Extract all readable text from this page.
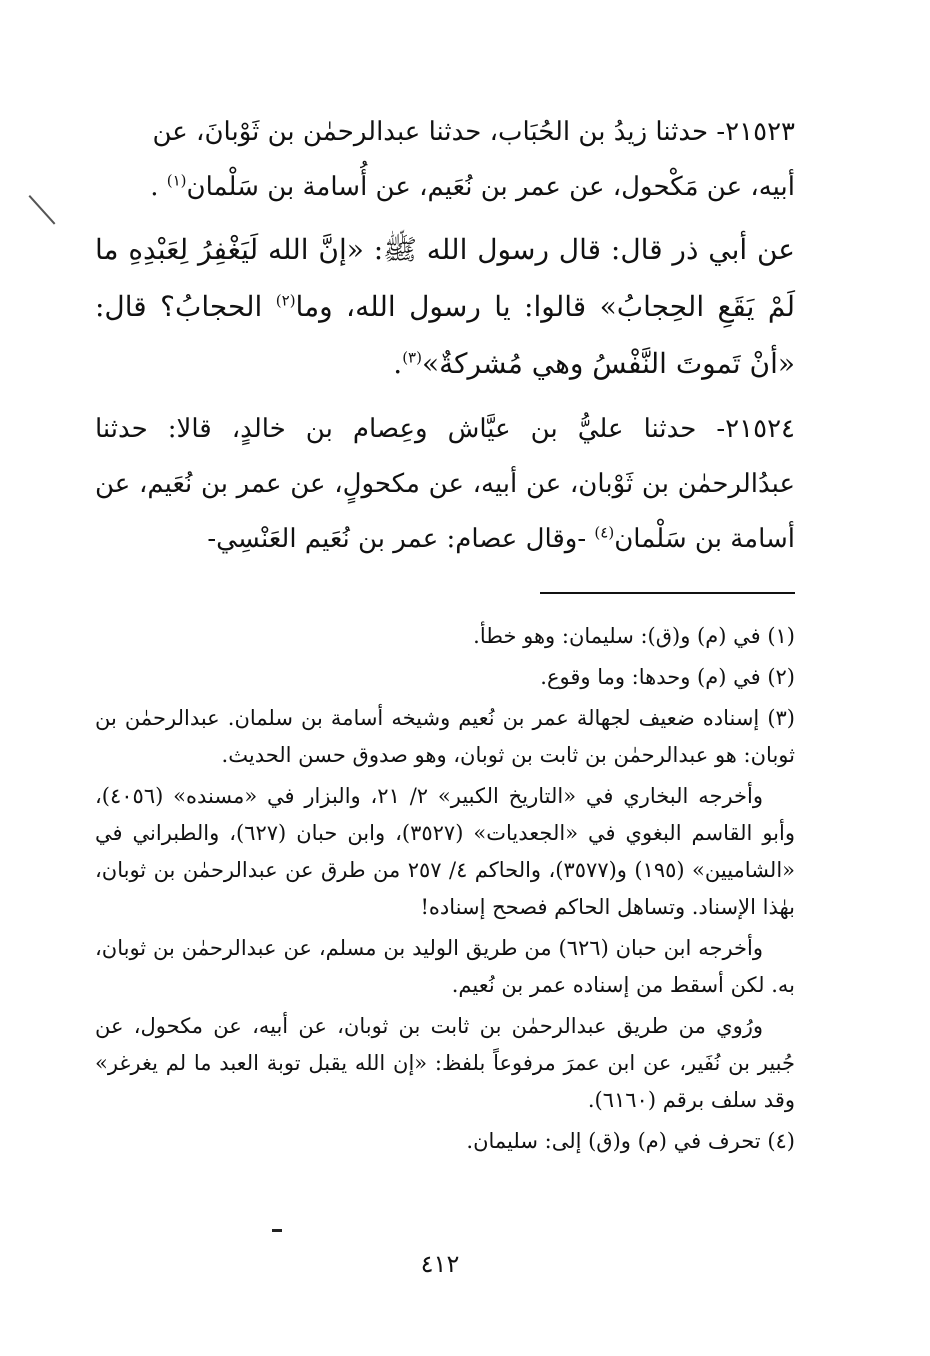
٢١٥٢٣- حدثنا زيدُ بن الحُبَاب، حدثنا عبدالرحمٰن بن ثَوْبانَ، عن
أبيه، عن مَكْحول، عن عمر بن نُعَيم، عن أُسامة بن سَلْمان$^{(١)}$ .

عن أبي ذر قال: قال رسول الله ﷺ: «إنَّ الله لَيَغْفِرُ لِعَبْدِهِ ما لَمْ يَقَعِ الحِجابُ» قالوا: يا رسول الله، وما$^{(٢)}$ الحجابُ؟ قال: «أنْ تَموتَ النَّفْسُ وهي مُشركةٌ»$^{(٣)}$.

٢١٥٢٤- حدثنا عليُّ بن عيَّاش وعِصام بن خالدٍ، قالا: حدثنا عبدُالرحمٰن بن ثَوْبان، عن أبيه، عن مكحولٍ، عن عمر بن نُعَيم، عن أسامة بن سَلْمان$^{(٤)}$ -وقال عصام: عمر بن نُعَيم العَنْسِي-

(١) في (م) و(ق): سليمان: وهو خطأ.

(٢) في (م) وحدها: وما وقوع.

(٣) إسناده ضعيف لجهالة عمر بن نُعيم وشيخه أسامة بن سلمان. عبدالرحمٰن بن ثوبان: هو عبدالرحمٰن بن ثابت بن ثوبان، وهو صدوق حسن الحديث.

وأخرجه البخاري في «التاريخ الكبير» ٢/ ٢١، والبزار في «مسنده» (٤٠٥٦)، وأبو القاسم البغوي في «الجعديات» (٣٥٢٧)، وابن حبان (٦٢٧)، والطبراني في «الشاميين» (١٩٥) و(٣٥٧٧)، والحاكم ٤/ ٢٥٧ من طرق عن عبدالرحمٰن بن ثوبان، بهٰذا الإسناد. وتساهل الحاكم فصحح إسناده!

وأخرجه ابن حبان (٦٢٦) من طريق الوليد بن مسلم، عن عبدالرحمٰن بن ثوبان، به. لكن أسقط من إسناده عمر بن نُعيم.

ورُوي من طريق عبدالرحمٰن بن ثابت بن ثوبان، عن أبيه، عن مكحول، عن جُبير بن نُفَير، عن ابن عمرَ مرفوعاً بلفظ: «إن الله يقبل توبة العبد ما لم يغرغر» وقد سلف برقم (٦١٦٠).

(٤) تحرف في (م) و(ق) إلى: سليمان.

٤١٢
